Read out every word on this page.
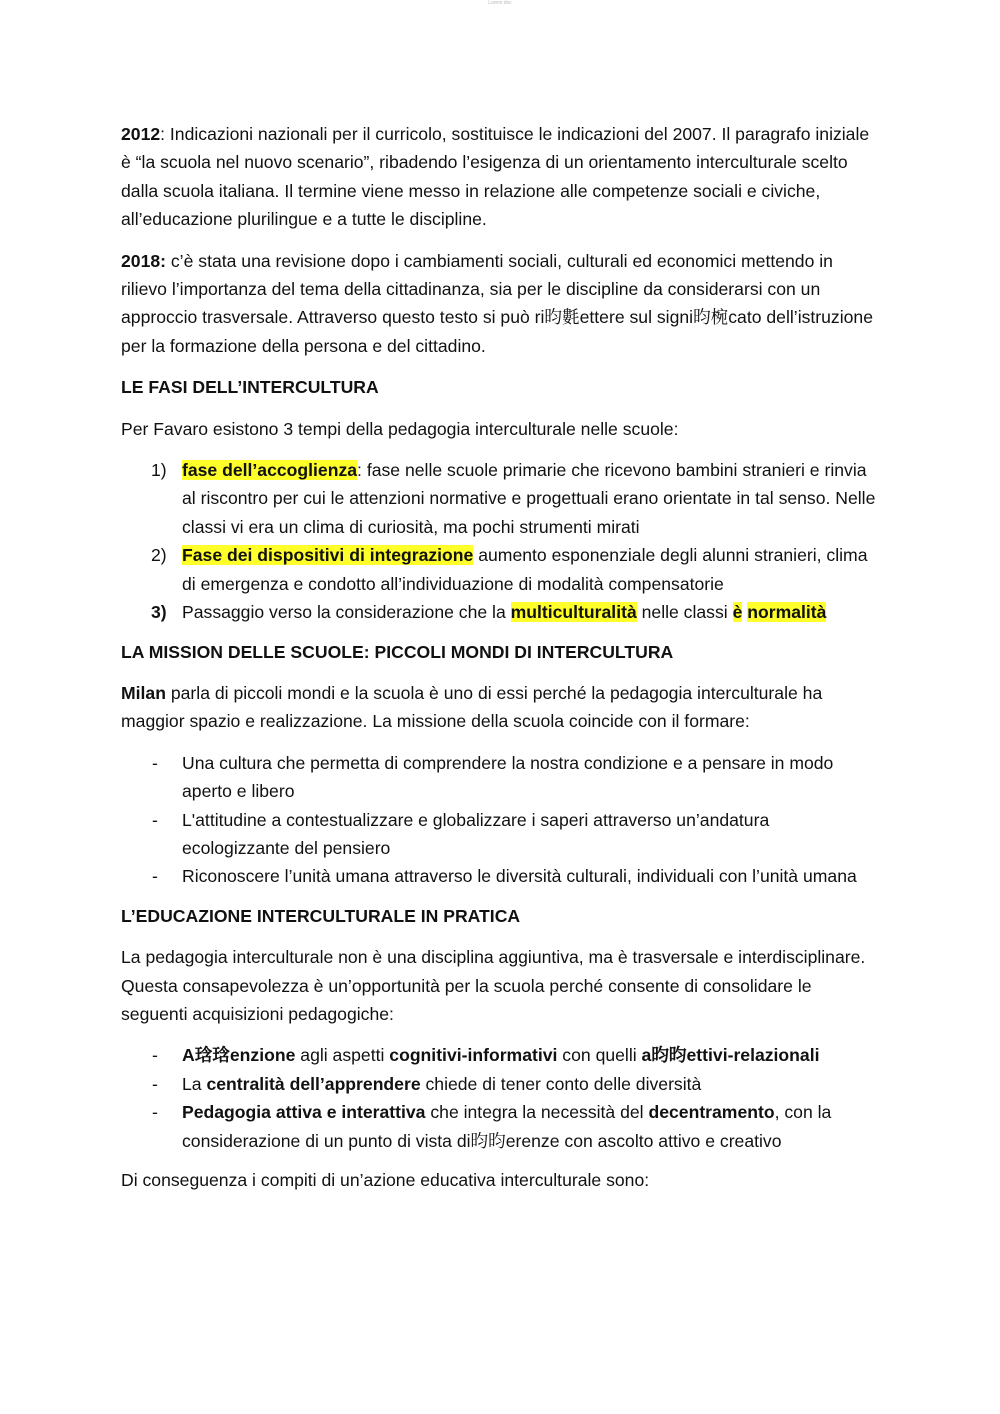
Lorem doc

2012: Indicazioni nazionali per il curricolo, sostituisce le indicazioni del 2007. Il paragrafo iniziale è “la scuola nel nuovo scenario”, ribadendo l’esigenza di un orientamento interculturale scelto dalla scuola italiana. Il termine viene messo in relazione alle competenze sociali e civiche, all’educazione plurilingue e a tutte le discipline.

2018: c’è stata una revisione dopo i cambiamenti sociali, culturali ed economici mettendo in rilievo l’importanza del tema della cittadinanza, sia per le discipline da considerarsi con un approccio trasversale. Attraverso questo testo si può ri昀氀ettere sul signi昀椀cato dell’istruzione per la formazione della persona e del cittadino.

LE FASI DELL’INTERCULTURA

Per Favaro esistono 3 tempi della pedagogia interculturale nelle scuole:

1) fase dell’accoglienza: fase nelle scuole primarie che ricevono bambini stranieri e rinvia al riscontro per cui le attenzioni normative e progettuali erano orientate in tal senso. Nelle classi vi era un clima di curiosità, ma pochi strumenti mirati
2) Fase dei dispositivi di integrazione aumento esponenziale degli alunni stranieri, clima di emergenza e condotto all’individuazione di modalità compensatorie
3) Passaggio verso la considerazione che la multiculturalità nelle classi è normalità

LA MISSION DELLE SCUOLE: PICCOLI MONDI DI INTERCULTURA

Milan parla di piccoli mondi e la scuola è uno di essi perché la pedagogia interculturale ha maggior spazio e realizzazione. La missione della scuola coincide con il formare:

- Una cultura che permetta di comprendere la nostra condizione e a pensare in modo aperto e libero
- L'attitudine a contestualizzare e globalizzare i saperi attraverso un’andatura ecologizzante del pensiero
- Riconoscere l’unità umana attraverso le diversità culturali, individuali con l’unità umana

L’EDUCAZIONE INTERCULTURALE IN PRATICA

La pedagogia interculturale non è una disciplina aggiuntiva, ma è trasversale e interdisciplinare. Questa consapevolezza è un’opportunità per la scuola perché consente di consolidare le seguenti acquisizioni pedagogiche:

- A琀琀enzione agli aspetti cognitivi-informativi con quelli a昀昀ettivi-relazionali
- La centralità dell’apprendere chiede di tener conto delle diversità
- Pedagogia attiva e interattiva che integra la necessità del decentramento, con la considerazione di un punto di vista di昀昀erenze con ascolto attivo e creativo

Di conseguenza i compiti di un’azione educativa interculturale sono:
